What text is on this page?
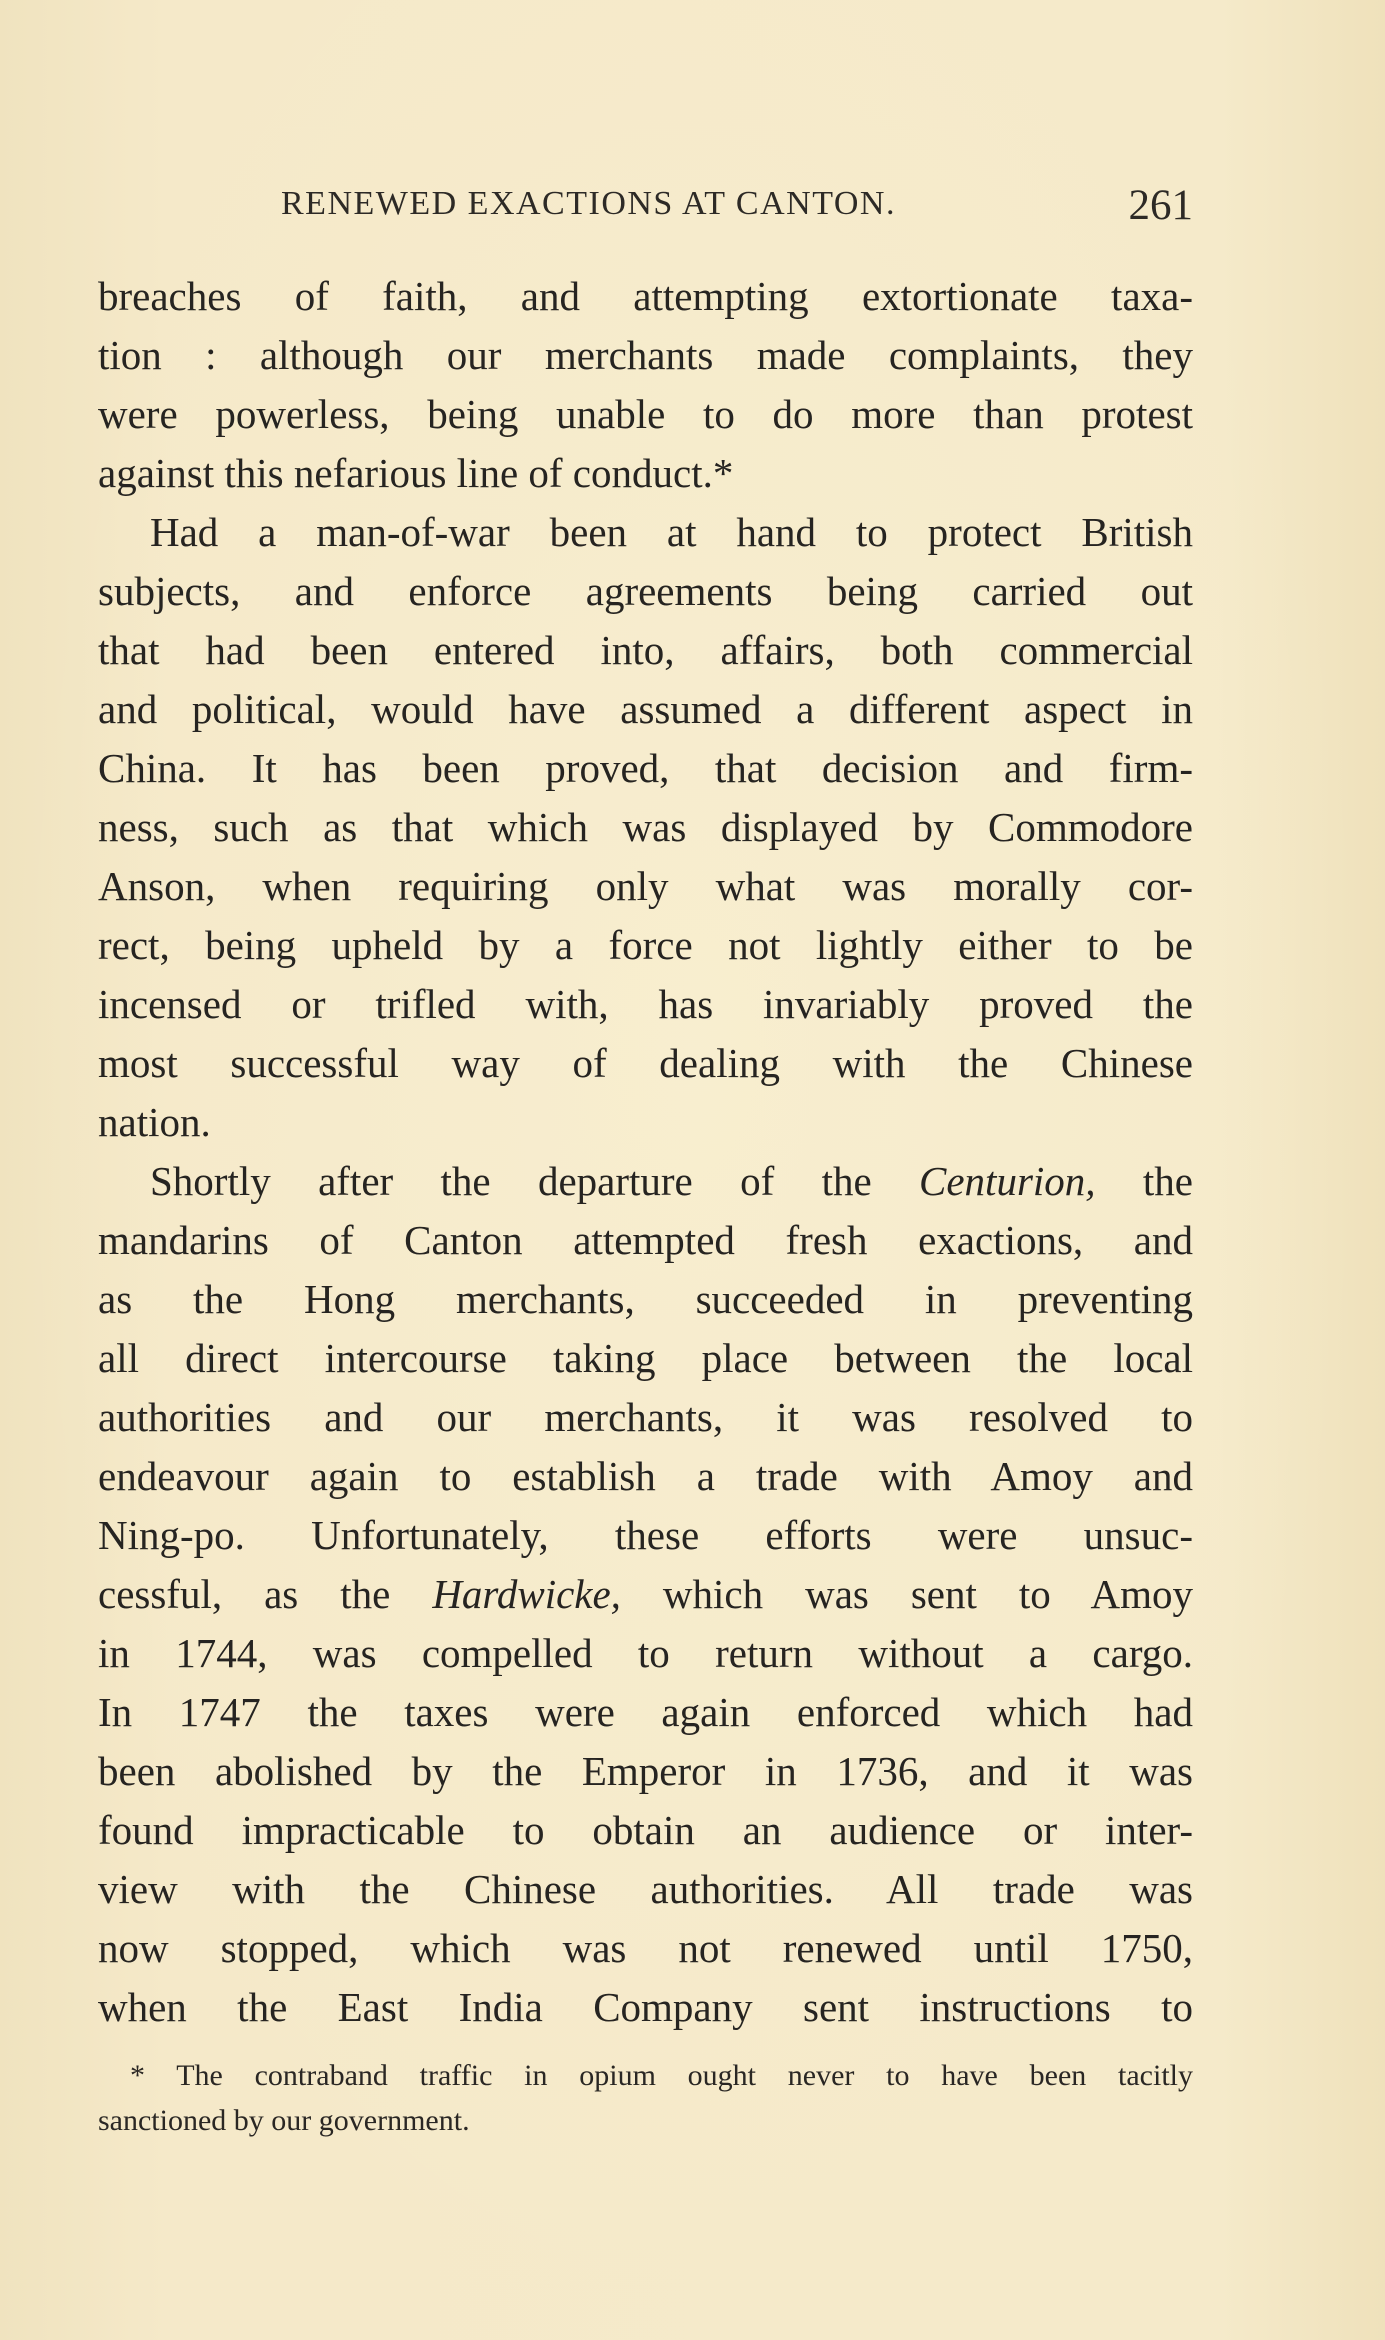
RENEWED EXACTIONS AT CANTON.	261
breaches of faith, and attempting extortionate taxa-
tion : although our merchants made complaints, they
were powerless, being unable to do more than protest
against this nefarious line of conduct.*
Had a man-of-war been at hand to protect British
subjects, and enforce agreements being carried out
that had been entered into, affairs, both commercial
and political, would have assumed a different aspect in
China. It has been proved, that decision and firm-
ness, such as that which was displayed by Commodore
Anson, when requiring only what was morally cor-
rect, being upheld by a force not lightly either to be
incensed or trifled with, has invariably proved the
most successful way of dealing with the Chinese
nation.
Shortly after the departure of the Centurion, the
mandarins of Canton attempted fresh exactions, and
as the Hong merchants, succeeded in preventing
all direct intercourse taking place between the local
authorities and our merchants, it was resolved to
endeavour again to establish a trade with Amoy and
Ning-po. Unfortunately, these efforts were unsuc-
cessful, as the Hardwicke, which was sent to Amoy
in 1744, was compelled to return without a cargo.
In 1747 the taxes were again enforced which had
been abolished by the Emperor in 1736, and it was
found impracticable to obtain an audience or inter-
view with the Chinese authorities. All trade was
now stopped, which was not renewed until 1750,
when the East India Company sent instructions to
* The contraband traffic in opium ought never to have been tacitly
sanctioned by our government.
